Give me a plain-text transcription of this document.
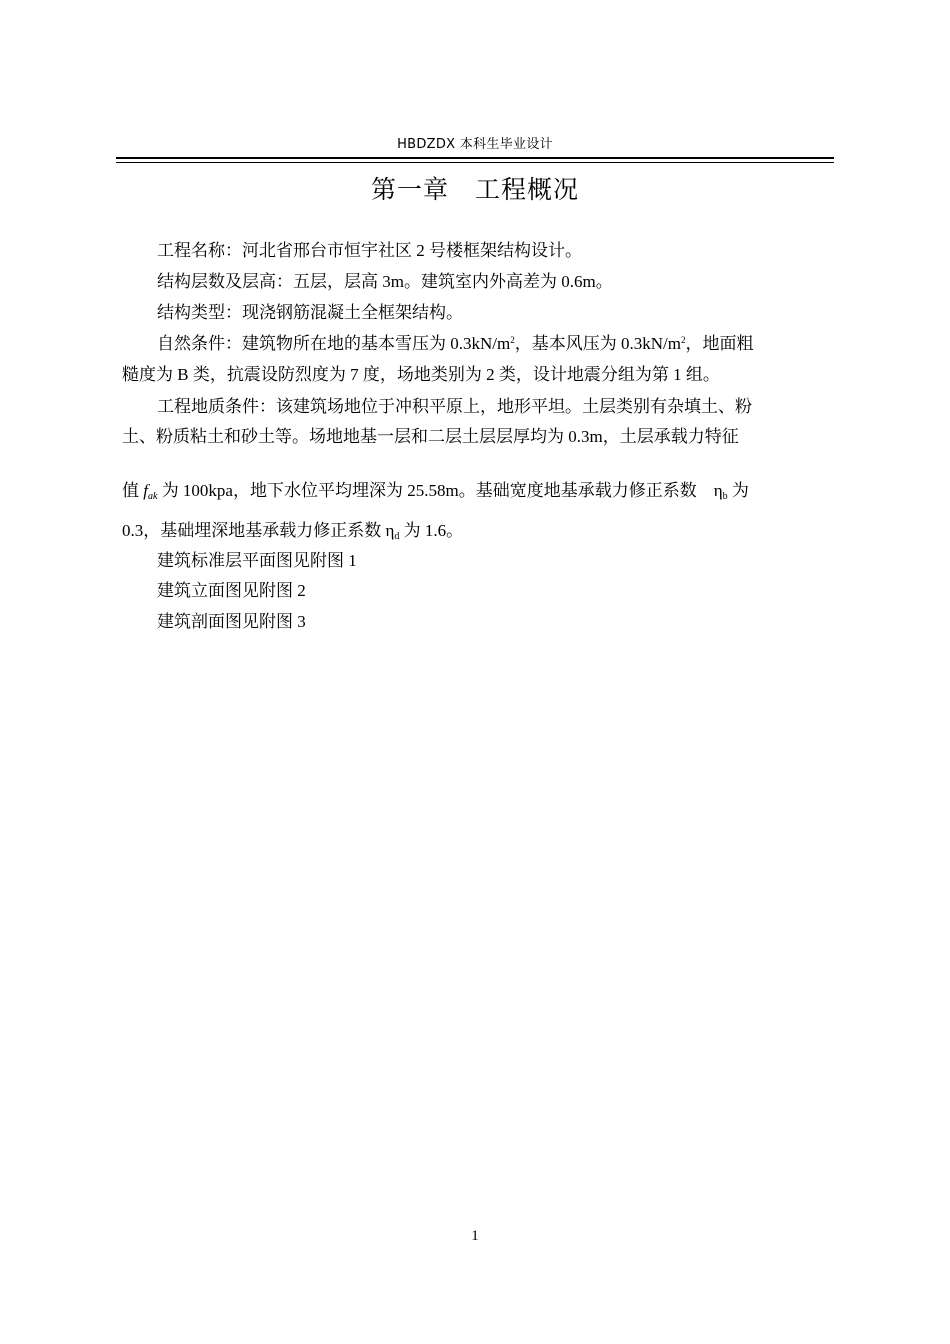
HBDZDX 本科生毕业设计
第一章　工程概况

工程名称：河北省邢台市恒宇社区 2 号楼框架结构设计。

结构层数及层高：五层，层高 3m。建筑室内外高差为 0.6m。

结构类型：现浇钢筋混凝土全框架结构。

自然条件：建筑物所在地的基本雪压为 $0.3kN/m^2$，基本风压为 $0.3kN/m^2$，地面粗

糙度为 B 类，抗震设防烈度为 7 度，场地类别为 2 类，设计地震分组为第 1 组。

工程地质条件：该建筑场地位于冲积平原上，地形平坦。土层类别有杂填土、粉

土、粉质粘土和砂土等。场地地基一层和二层土层层厚均为 0.3m，土层承载力特征

值 $f_{ak}$ 为 100kpa，地下水位平均埋深为 25.58m。基础宽度地基承载力修正系数　$\eta_b$ 为

0.3，基础埋深地基承载力修正系数 $\eta_d$ 为 1.6。

建筑标准层平面图见附图 1

建筑立面图见附图 2

建筑剖面图见附图 3

1
